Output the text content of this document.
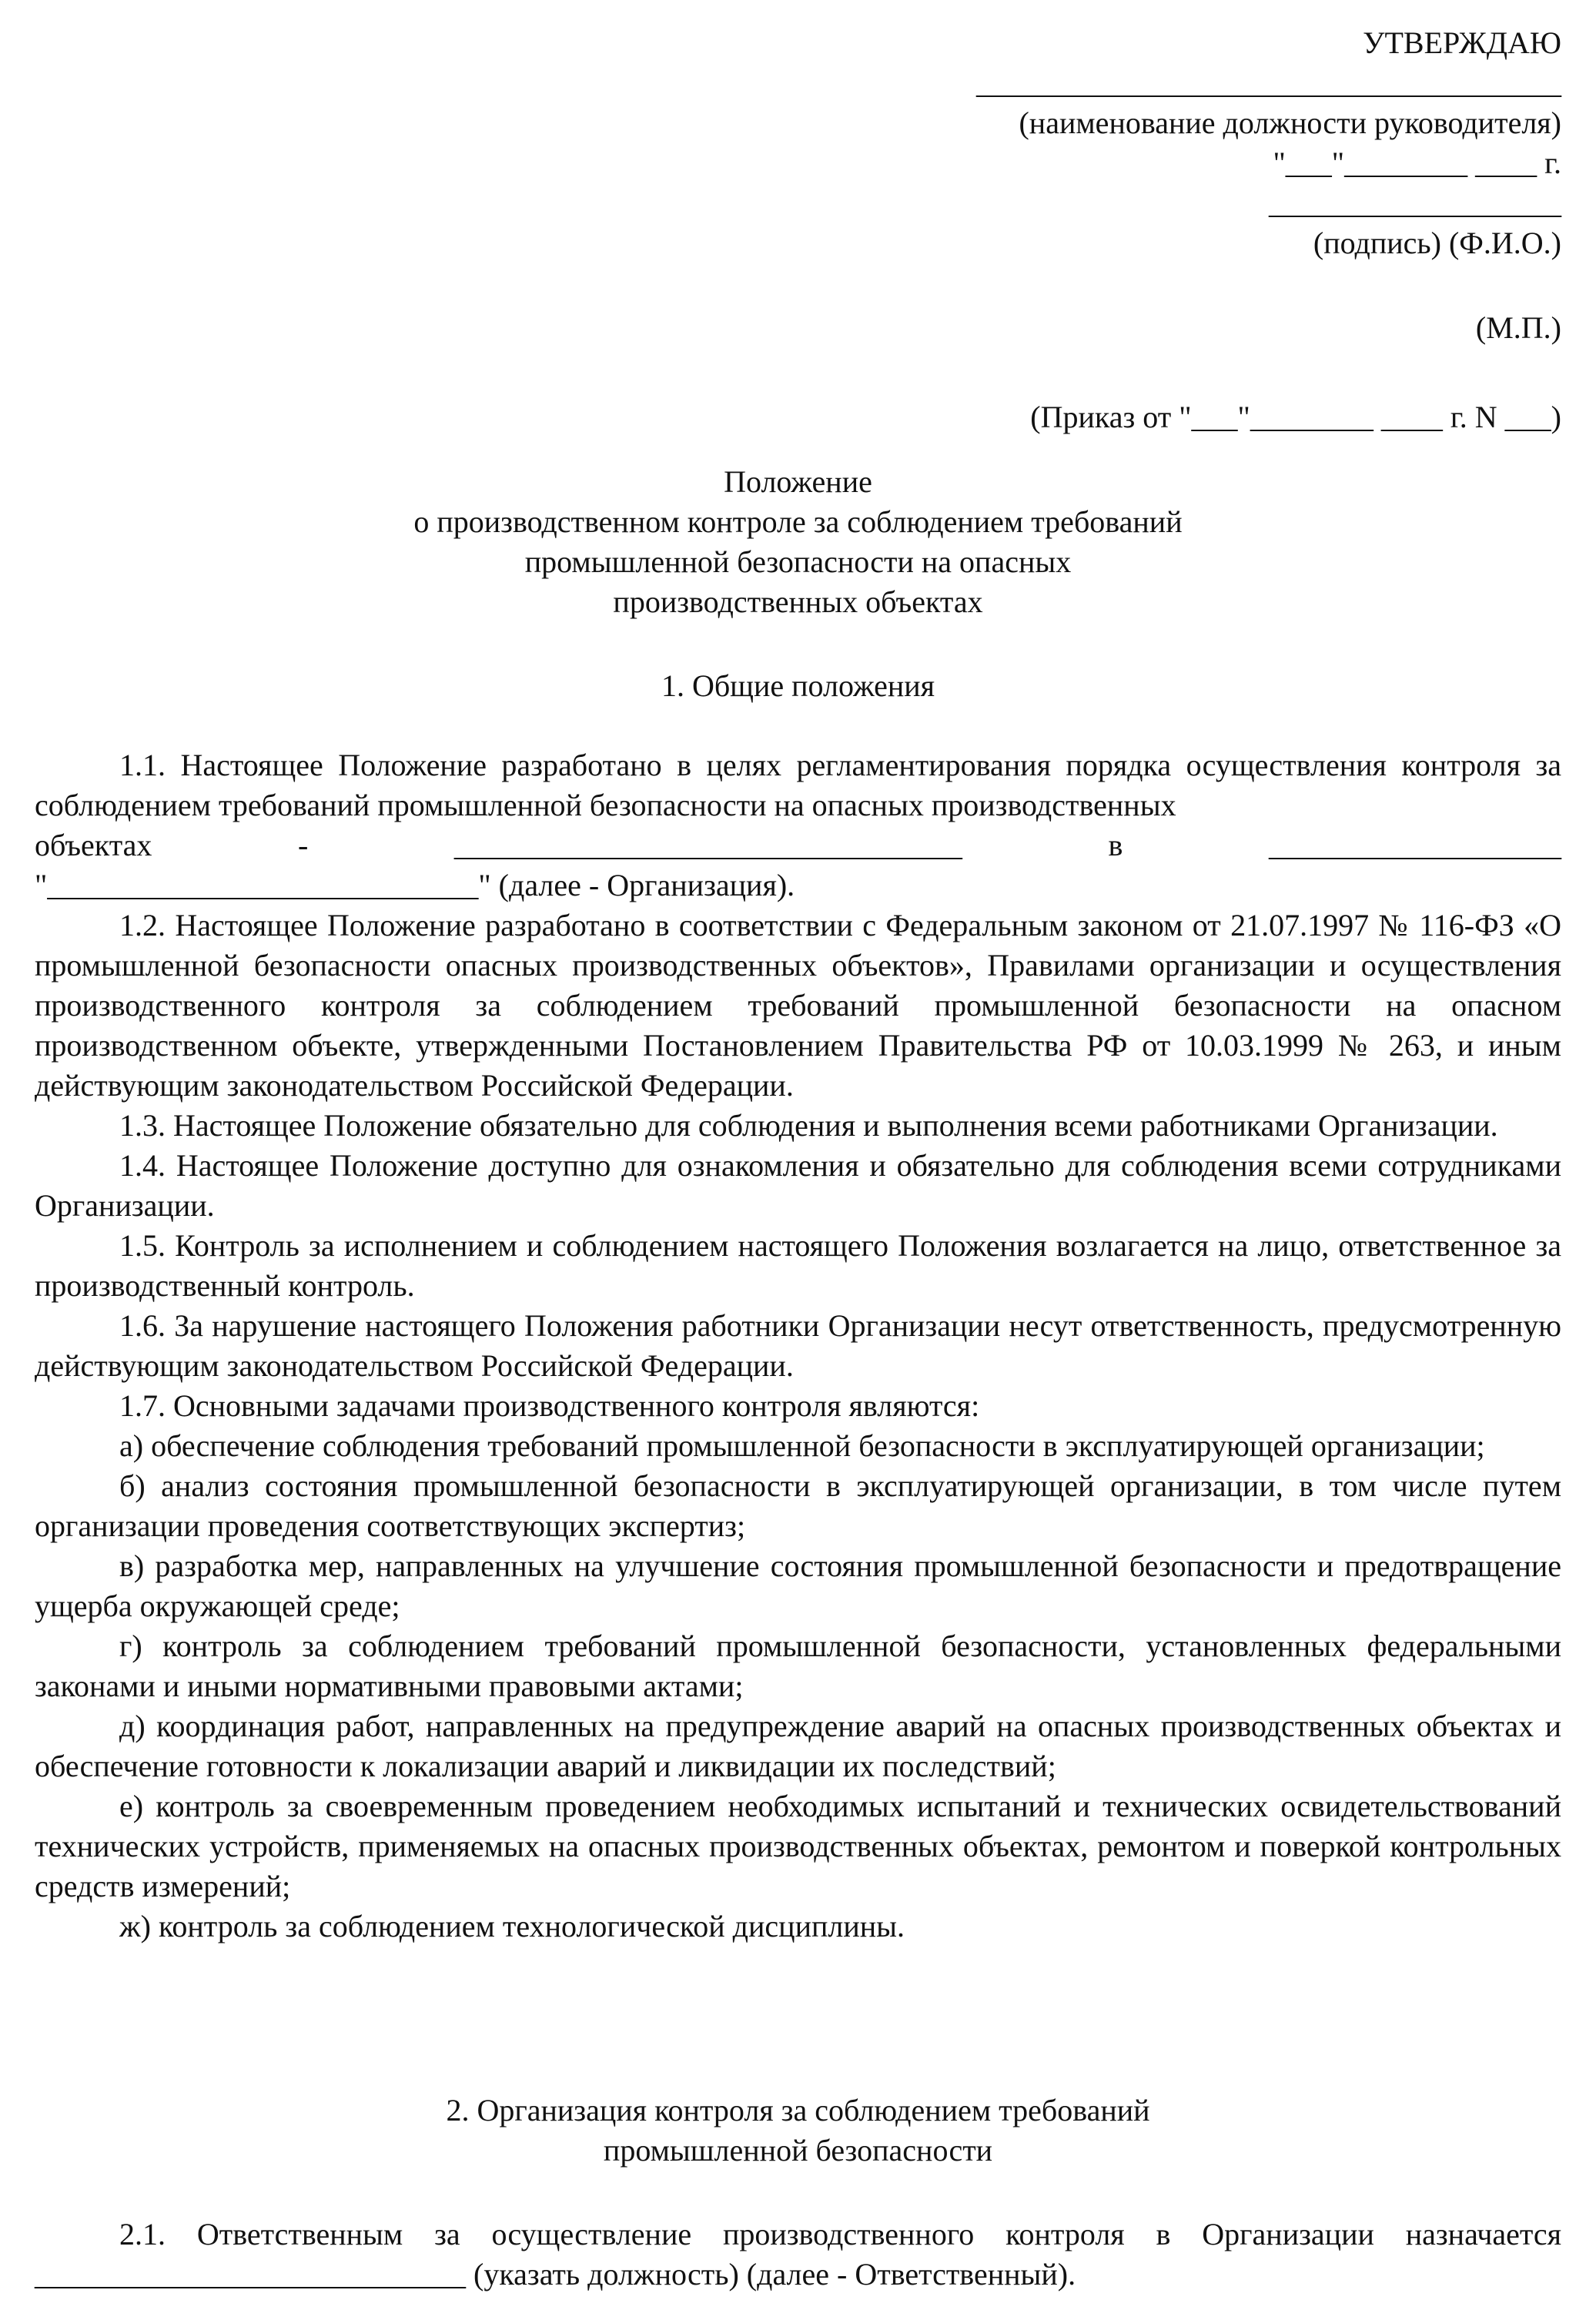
УТВЕРЖДАЮ
______________________________________
(наименование должности руководителя)
"___"________ ____ г.
___________________
(подпись) (Ф.И.О.)
(М.П.)
(Приказ от "___"________ ____ г. N ___)
Положение
о производственном контроле за соблюдением требований
промышленной безопасности на опасных
производственных объектах
1. Общие положения

1.1. Настоящее Положение разработано в целях регламентирования порядка осуществления контроля за соблюдением требований промышленной безопасности на опасных производственных

объектах	-	_________________________________	в	___________________
"____________________________" (далее - Организация).

1.2. Настоящее Положение разработано в соответствии с Федеральным законом от 21.07.1997 № 116-ФЗ «О промышленной безопасности опасных производственных объектов», Правилами организации и осуществления производственного контроля за соблюдением требований промышленной безопасности на опасном производственном объекте, утвержденными Постановлением Правительства РФ от 10.03.1999 № 263, и иным действующим законодательством Российской Федерации.

1.3. Настоящее Положение обязательно для соблюдения и выполнения всеми работниками Организации.

1.4. Настоящее Положение доступно для ознакомления и обязательно для соблюдения всеми сотрудниками Организации.

1.5. Контроль за исполнением и соблюдением настоящего Положения возлагается на лицо, ответственное за производственный контроль.

1.6. За нарушение настоящего Положения работники Организации несут ответственность, предусмотренную действующим законодательством Российской Федерации.

1.7. Основными задачами производственного контроля являются:

а) обеспечение соблюдения требований промышленной безопасности в эксплуатирующей организации;

б) анализ состояния промышленной безопасности в эксплуатирующей организации, в том числе путем организации проведения соответствующих экспертиз;

в) разработка мер, направленных на улучшение состояния промышленной безопасности и предотвращение ущерба окружающей среде;

г) контроль за соблюдением требований промышленной безопасности, установленных федеральными законами и иными нормативными правовыми актами;

д) координация работ, направленных на предупреждение аварий на опасных производственных объектах и обеспечение готовности к локализации аварий и ликвидации их последствий;

е) контроль за своевременным проведением необходимых испытаний и технических освидетельствований технических устройств, применяемых на опасных производственных объектах, ремонтом и поверкой контрольных средств измерений;

ж) контроль за соблюдением технологической дисциплины.

2. Организация контроля за соблюдением требований
промышленной безопасности

2.1. Ответственным за осуществление производственного контроля в Организации назначается ____________________________ (указать должность) (далее - Ответственный).
